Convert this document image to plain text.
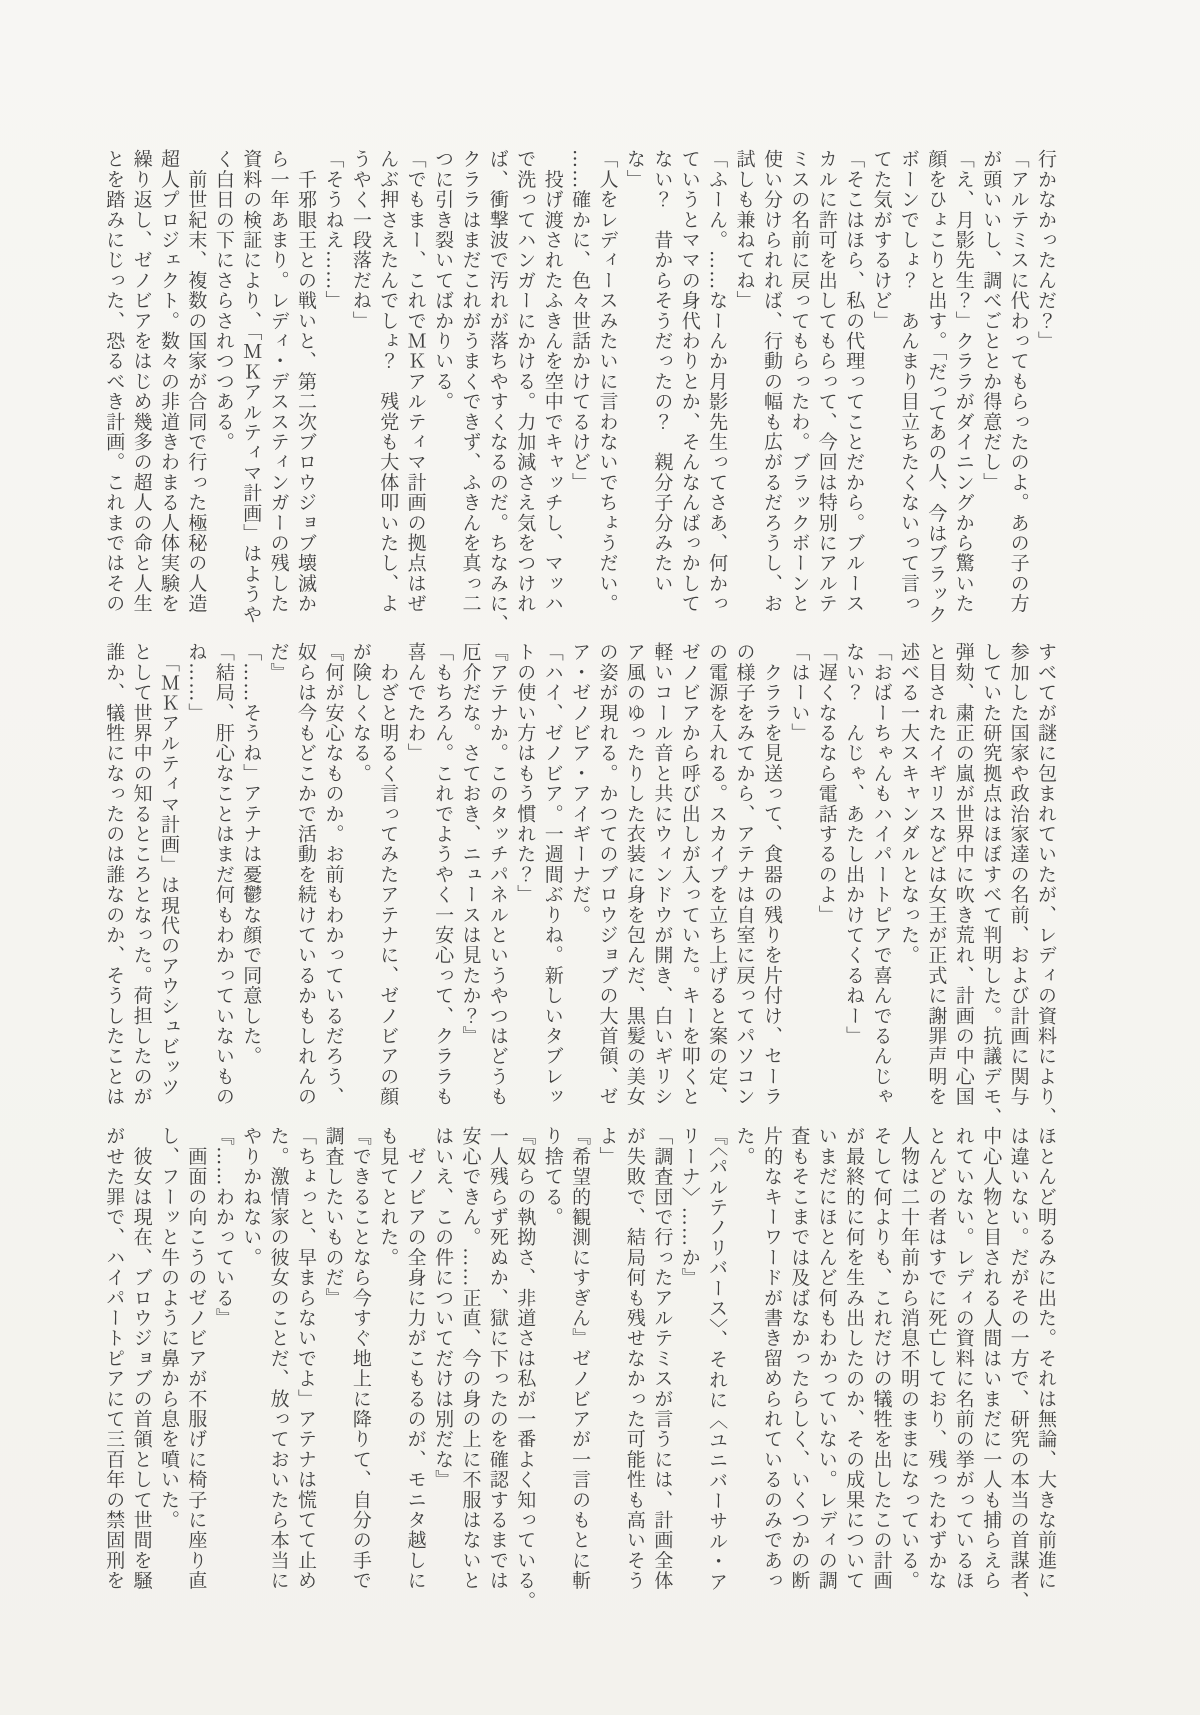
行かなかったんだ？」
「アルテミスに代わってもらったのよ。あの子の方
が頭いいし、調べごととか得意だし」
「え、月影先生？」クララがダイニングから驚いた
顔をひょこりと出す。「だってあの人、今はブラック
ボーンでしょ？　あんまり目立ちたくないって言っ
てた気がするけど」
「そこはほら、私の代理ってことだから。ブルース
カルに許可を出してもらって、今回は特別にアルテ
ミスの名前に戻ってもらったわ。ブラックボーンと
使い分けられれば、行動の幅も広がるだろうし、お
試しも兼ねてね」
「ふーん。……なーんか月影先生ってさあ、何かっ
ていうとママの身代わりとか、そんなんばっかして
ない？　昔からそうだったの？　親分子分みたい
な」
「人をレディースみたいに言わないでちょうだい。
……確かに、色々世話かけてるけど」
　投げ渡されたふきんを空中でキャッチし、マッハ
で洗ってハンガーにかける。力加減さえ気をつけれ
ば、衝撃波で汚れが落ちやすくなるのだ。ちなみに、
クララはまだこれがうまくできず、ふきんを真っ二
つに引き裂いてばかりいる。
「でもまー、これでＭＫアルティマ計画の拠点はぜ
んぶ押さえたんでしょ？　残党も大体叩いたし、よ
うやく一段落だね」
「そうねえ……」
　千邪眼王との戦いと、第二次ブロウジョブ壊滅か
ら一年あまり。レディ・デススティンガーの残した
資料の検証により、「ＭＫアルティマ計画」はようや
く白日の下にさらされつつある。
　前世紀末、複数の国家が合同で行った極秘の人造
超人プロジェクト。数々の非道きわまる人体実験を
繰り返し、ゼノビアをはじめ幾多の超人の命と人生
とを踏みにじった、恐るべき計画。これまではその
すべてが謎に包まれていたが、レディの資料により、
参加した国家や政治家達の名前、および計画に関与
していた研究拠点はほぼすべて判明した。抗議デモ、
弾劾、粛正の嵐が世界中に吹き荒れ、計画の中心国
と目されたイギリスなどは女王が正式に謝罪声明を
述べる一大スキャンダルとなった。
「おばーちゃんもハイパートピアで喜んでるんじゃ
ない？　んじゃ、あたし出かけてくるねー」
「遅くなるなら電話するのよ」
「はーい」
　クララを見送って、食器の残りを片付け、セーラ
の様子をみてから、アテナは自室に戻ってパソコン
の電源を入れる。スカイプを立ち上げると案の定、
ゼノビアから呼び出しが入っていた。キーを叩くと
軽いコール音と共にウィンドウが開き、白いギリシ
ア風のゆったりした衣装に身を包んだ、黒髪の美女
の姿が現れる。かつてのブロウジョブの大首領、ゼ
ア・ゼノビア・アイギーナだ。
「ハイ、ゼノビア。一週間ぶりね。新しいタブレッ
トの使い方はもう慣れた？」
『アテナか。このタッチパネルというやつはどうも
厄介だな。さておき、ニュースは見たか？』
「もちろん。これでようやく一安心って、クララも
喜んでたわ」
　わざと明るく言ってみたアテナに、ゼノビアの顔
が険しくなる。
『何が安心なものか。お前もわかっているだろう、
奴らは今もどこかで活動を続けているかもしれんの
だ』
「……そうね」アテナは憂鬱な顔で同意した。
「結局、肝心なことはまだ何もわかっていないもの
ね……」
　「ＭＫアルティマ計画」は現代のアウシュビッツ
として世界中の知るところとなった。荷担したのが
誰か、犠牲になったのは誰なのか、そうしたことは
ほとんど明るみに出た。それは無論、大きな前進に
は違いない。だがその一方で、研究の本当の首謀者、
中心人物と目される人間はいまだに一人も捕らえら
れていない。レディの資料に名前の挙がっているほ
とんどの者はすでに死亡しており、残ったわずかな
人物は二十年前から消息不明のままになっている。
そして何よりも、これだけの犠牲を出したこの計画
が最終的に何を生み出したのか、その成果について
いまだにほとんど何もわかっていない。レディの調
査もそこまでは及ばなかったらしく、いくつかの断
片的なキーワードが書き留められているのみであっ
た。
『〈パルテノリバース〉、それに〈ユニバーサル・ア
リーナ〉……か』
「調査団で行ったアルテミスが言うには、計画全体
が失敗で、結局何も残せなかった可能性も高いそう
よ」
『希望的観測にすぎん』ゼノビアが一言のもとに斬
り捨てる。
『奴らの執拗さ、非道さは私が一番よく知っている。
一人残らず死ぬか、獄に下ったのを確認するまでは
安心できん。……正直、今の身の上に不服はないと
はいえ、この件についてだけは別だな』
　ゼノビアの全身に力がこもるのが、モニタ越しに
も見てとれた。
『できることなら今すぐ地上に降りて、自分の手で
調査したいものだ』
「ちょっと、早まらないでよ」アテナは慌てて止め
た。激情家の彼女のことだ、放っておいたら本当に
やりかねない。
『……わかっている』
　画面の向こうのゼノビアが不服げに椅子に座り直
し、フーッと牛のように鼻から息を噴いた。
　彼女は現在、ブロウジョブの首領として世間を騒
がせた罪で、ハイパートピアにて三百年の禁固刑を
